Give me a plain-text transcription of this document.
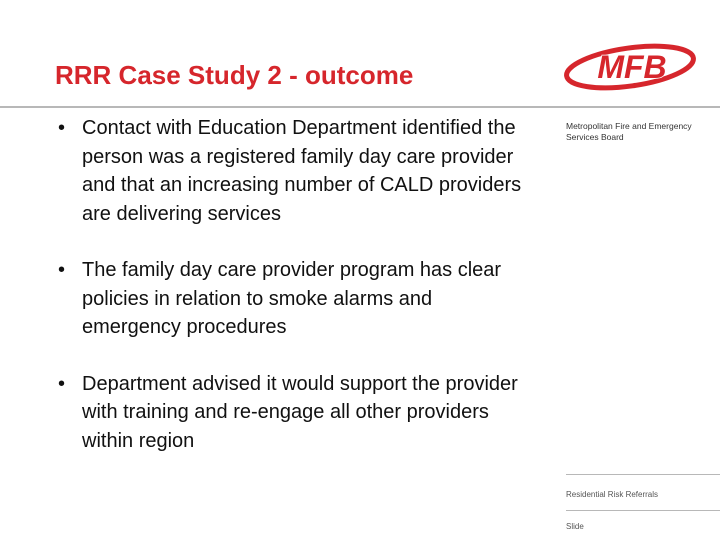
RRR Case Study 2 - outcome	MFB
Metropolitan Fire and Emergency Services Board
• Contact with Education Department identified the person was a registered family day care provider and that an increasing number of CALD providers are delivering services
• The family day care provider program has clear policies in relation to smoke alarms and emergency procedures
• Department advised it would support the provider with training and re-engage all other providers within region
Residential Risk Referrals
Slide
